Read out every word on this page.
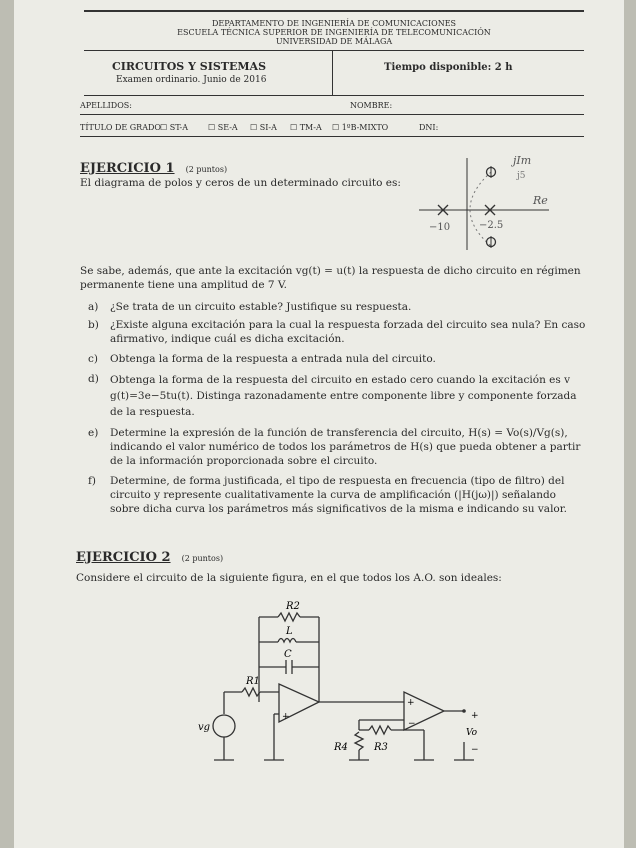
DEPARTAMENTO DE INGENIERÍA DE COMUNICACIONES
ESCUELA TÉCNICA SUPERIOR DE INGENIERÍA DE TELECOMUNICACIÓN
UNIVERSIDAD DE MÁLAGA
CIRCUITOS Y SISTEMAS
Examen ordinario. Junio de 2016
Tiempo disponible: 2 h
APELLIDOS:	NOMBRE:
TÍTULO DE GRADO ☐ ST-A	☐ SE-A ☐ SI-A ☐ TM-A ☐ 1ºB-MIXTO	DNI:
EJERCICIO 1 (2 puntos)
El diagrama de polos y ceros de un determinado circuito es:
jIm
Re
j5
−10	−2.5
Se sabe, además, que ante la excitación vg(t) = u(t) la respuesta de dicho circuito en régimen permanente tiene una amplitud de 7 V.
a) ¿Se trata de un circuito estable? Justifique su respuesta.
b) ¿Existe alguna excitación para la cual la respuesta forzada del circuito sea nula? En caso afirmativo, indique cuál es dicha excitación.
c) Obtenga la forma de la respuesta a entrada nula del circuito.
d) Obtenga la forma de la respuesta del circuito en estado cero cuando la excitación es v g(t)=3e−5tu(t). Distinga razonadamente entre componente libre y componente forzada de la respuesta.
e) Determine la expresión de la función de transferencia del circuito, H(s) = Vo(s)/Vg(s), indicando el valor numérico de todos los parámetros de H(s) que pueda obtener a partir de la información proporcionada sobre el circuito.
f) Determine, de forma justificada, el tipo de respuesta en frecuencia (tipo de filtro) del circuito y represente cualitativamente la curva de amplificación (|H(jω)|) señalando sobre dicha curva los parámetros más significativos de la misma e indicando su valor.
EJERCICIO 2 (2 puntos)
Considere el circuito de la siguiente figura, en el que todos los A.O. son ideales:
R2
L
C
R1
vg
R4	R3
Vo
+
−
+
+
−
